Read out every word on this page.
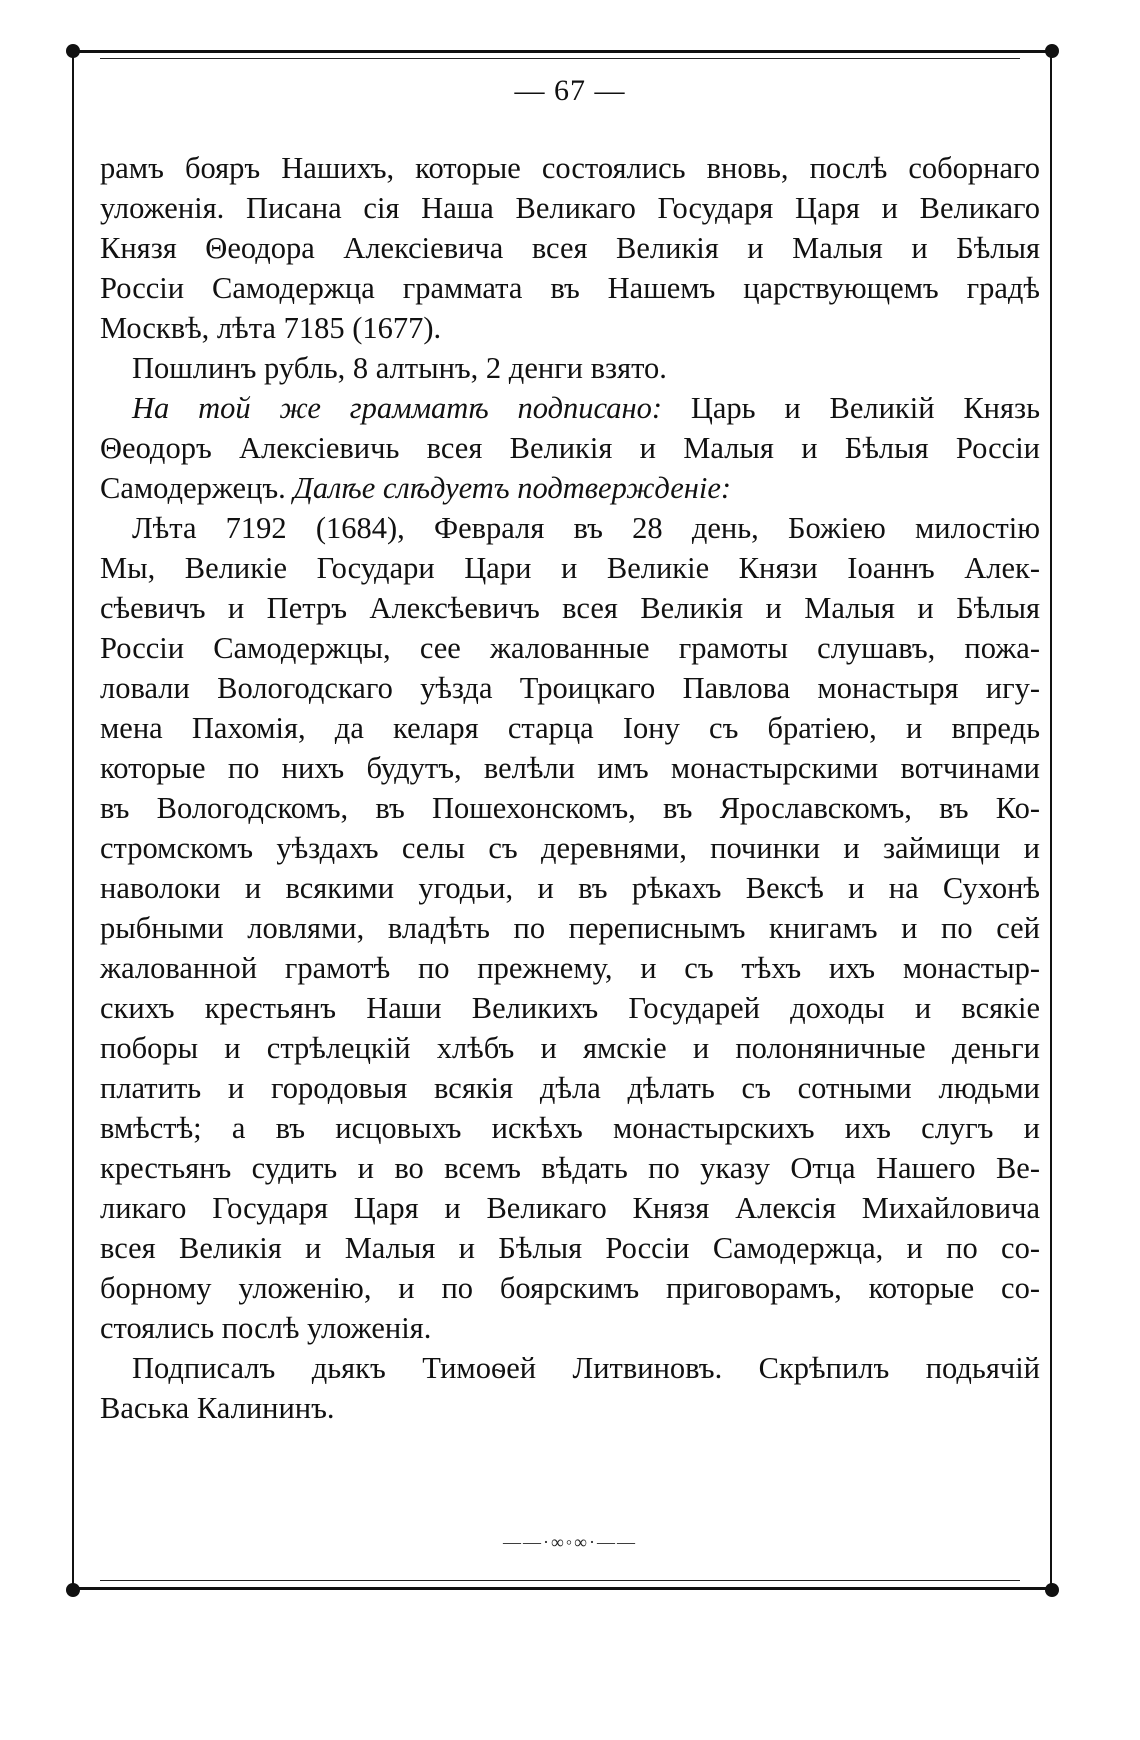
— 67 —
рамъ бояръ Нашихъ, которые состоялись вновь, послѣ соборнаго
уложенія. Писана сія Наша Великаго Государя Царя и Великаго
Князя Θеодора Алексіевича всея Великія и Малыя и Бѣлыя
Россіи Самодержца граммата въ Нашемъ царствующемъ градѣ
Москвѣ, лѣта 7185 (1677).
Пошлинъ рубль, 8 алтынъ, 2 денги взято.
На той же грамматѣ подписано: Царь и Великій Князь
Θеодоръ Алексіевичь всея Великія и Малыя и Бѣлыя Россіи
Самодержецъ. Далѣе слѣдуетъ подтвержденіе:
Лѣта 7192 (1684), Февраля въ 28 день, Божіею милостію
Мы, Великіе Государи Цари и Великіе Князи Іоаннъ Алек-
сѣевичъ и Петръ Алексѣевичъ всея Великія и Малыя и Бѣлыя
Россіи Самодержцы, сее жалованные грамоты слушавъ, пожа-
ловали Вологодскаго уѣзда Троицкаго Павлова монастыря игу-
мена Пахомія, да келаря старца Іону съ братіею, и впредь
которые по нихъ будутъ, велѣли имъ монастырскими вотчинами
въ Вологодскомъ, въ Пошехонскомъ, въ Ярославскомъ, въ Ко-
стромскомъ уѣздахъ селы съ деревнями, починки и займищи и
наволоки и всякими угодьи, и въ рѣкахъ Вексѣ и на Сухонѣ
рыбными ловлями, владѣть по переписнымъ книгамъ и по сей
жалованной грамотѣ по прежнему, и съ тѣхъ ихъ монастыр-
скихъ крестьянъ Наши Великихъ Государей доходы и всякіе
поборы и стрѣлецкій хлѣбъ и ямскіе и полоняничные деньги
платить и городовыя всякія дѣла дѣлать съ сотными людьми
вмѣстѣ; а въ исцовыхъ искѣхъ монастырскихъ ихъ слугъ и
крестьянъ судить и во всемъ вѣдать по указу Отца Нашего Ве-
ликаго Государя Царя и Великаго Князя Алексія Михайловича
всея Великія и Малыя и Бѣлыя Россіи Самодержца, и по со-
борному уложенію, и по боярскимъ приговорамъ, которые со-
стоялись послѣ уложенія.
Подписалъ дьякъ Тимоѳей Литвиновъ. Скрѣпилъ подьячій
Васька Калининъ.
——·∞◦∞·——
